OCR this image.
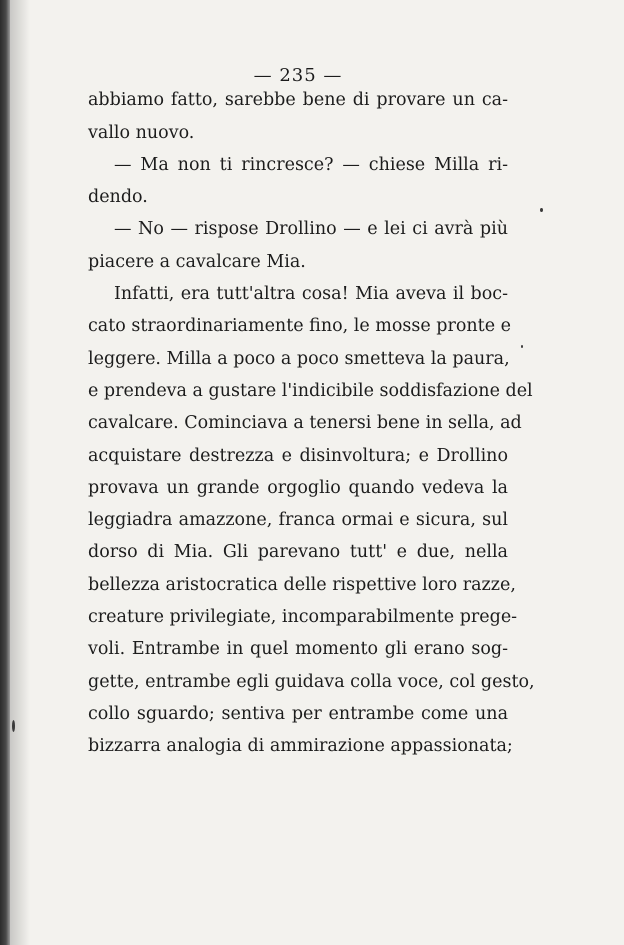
— 235 —
abbiamo fatto, sarebbe bene di provare un ca-
vallo nuovo.
— Ma non ti rincresce? — chiese Milla ri-
dendo.
— No — rispose Drollino — e lei ci avrà più
piacere a cavalcare Mia.
Infatti, era tutt'altra cosa! Mia aveva il boc-
cato straordinariamente fino, le mosse pronte e
leggere. Milla a poco a poco smetteva la paura,
e prendeva a gustare l'indicibile soddisfazione del
cavalcare. Cominciava a tenersi bene in sella, ad
acquistare destrezza e disinvoltura; e Drollino
provava un grande orgoglio quando vedeva la
leggiadra amazzone, franca ormai e sicura, sul
dorso di Mia. Gli parevano tutt' e due, nella
bellezza aristocratica delle rispettive loro razze,
creature privilegiate, incomparabilmente prege-
voli. Entrambe in quel momento gli erano sog-
gette, entrambe egli guidava colla voce, col gesto,
collo sguardo; sentiva per entrambe come una
bizzarra analogia di ammirazione appassionata;
